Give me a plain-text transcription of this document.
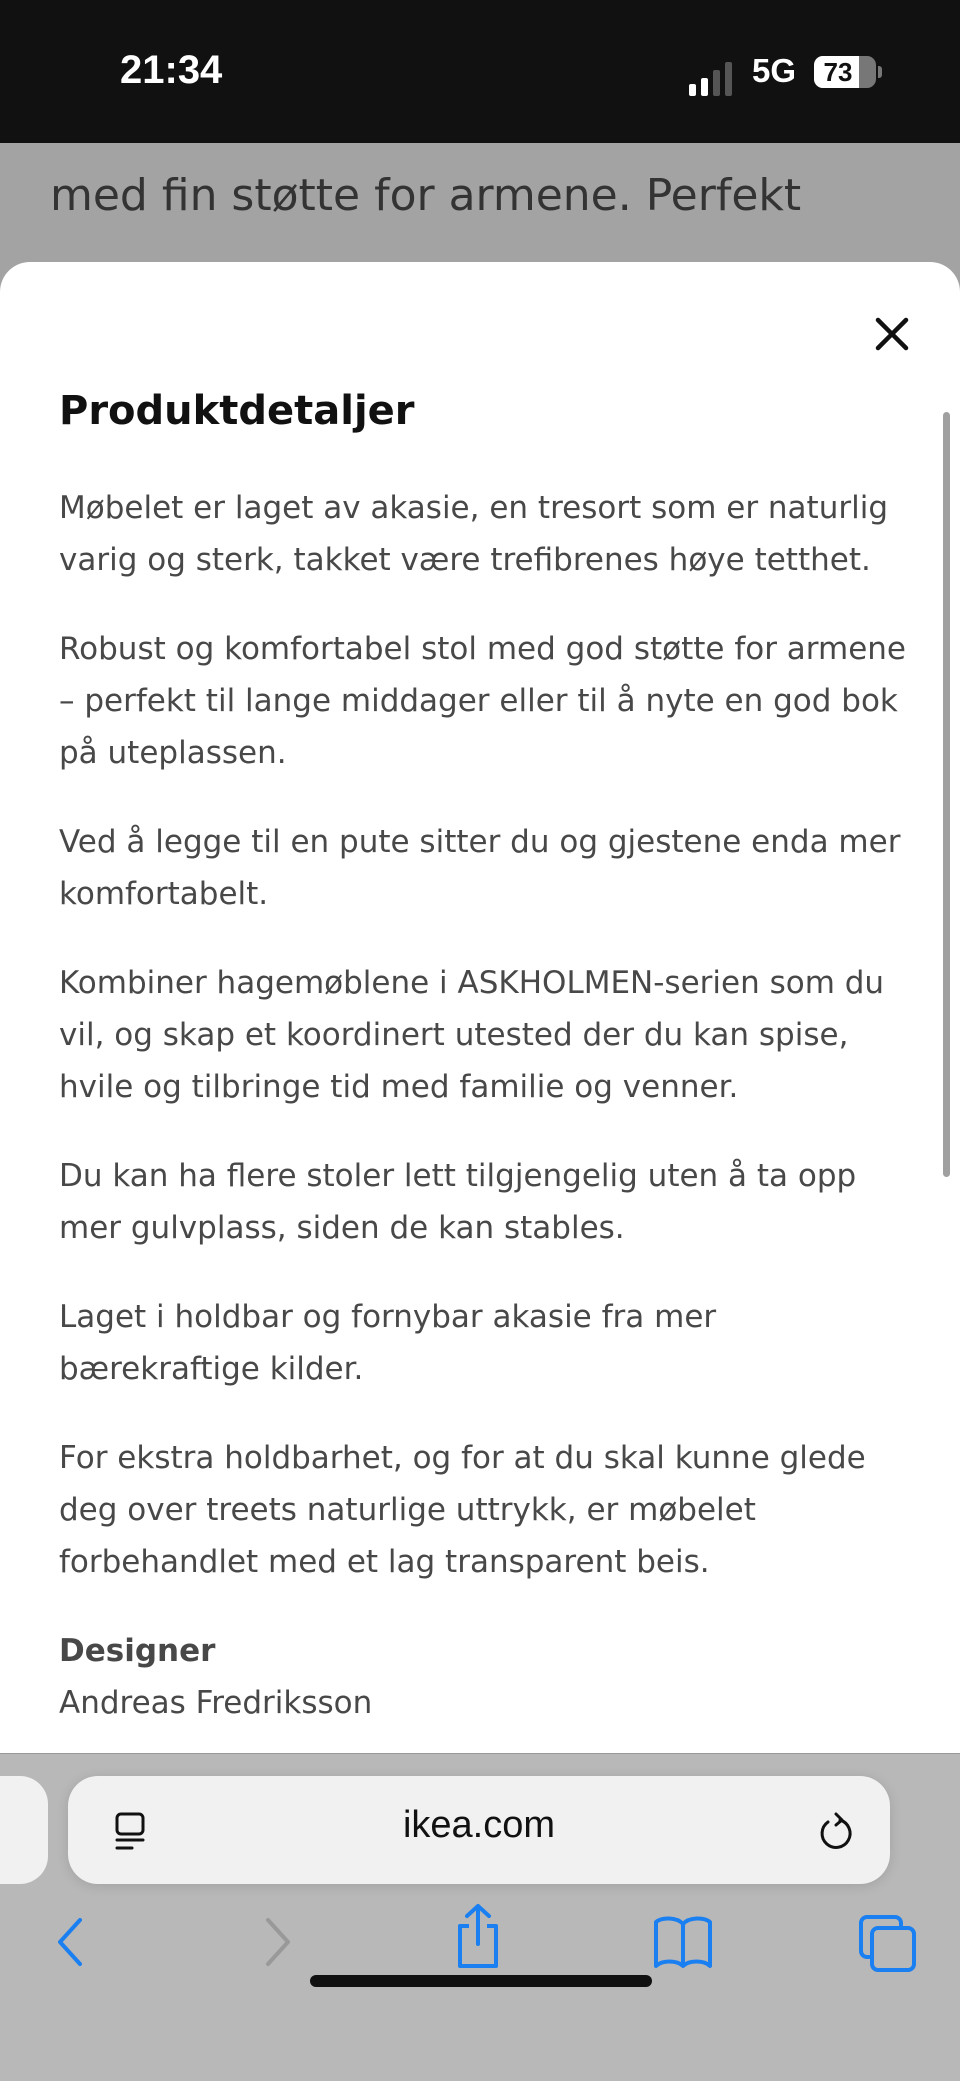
21:34	5G	73
med fin støtte for armene. Perfekt
Produktdetaljer

Møbelet er laget av akasie, en tresort som er naturlig varig og sterk, takket være trefibrenes høye tetthet.

Robust og komfortabel stol med god støtte for armene – perfekt til lange middager eller til å nyte en god bok på uteplassen.

Ved å legge til en pute sitter du og gjestene enda mer komfortabelt.

Kombiner hagemøblene i ASKHOLMEN-serien som du vil, og skap et koordinert utested der du kan spise, hvile og tilbringe tid med familie og venner.

Du kan ha flere stoler lett tilgjengelig uten å ta opp mer gulvplass, siden de kan stables.

Laget i holdbar og fornybar akasie fra mer bærekraftige kilder.

For ekstra holdbarhet, og for at du skal kunne glede deg over treets naturlige uttrykk, er møbelet forbehandlet med et lag transparent beis.

Designer
Andreas Fredriksson
ikea.com
